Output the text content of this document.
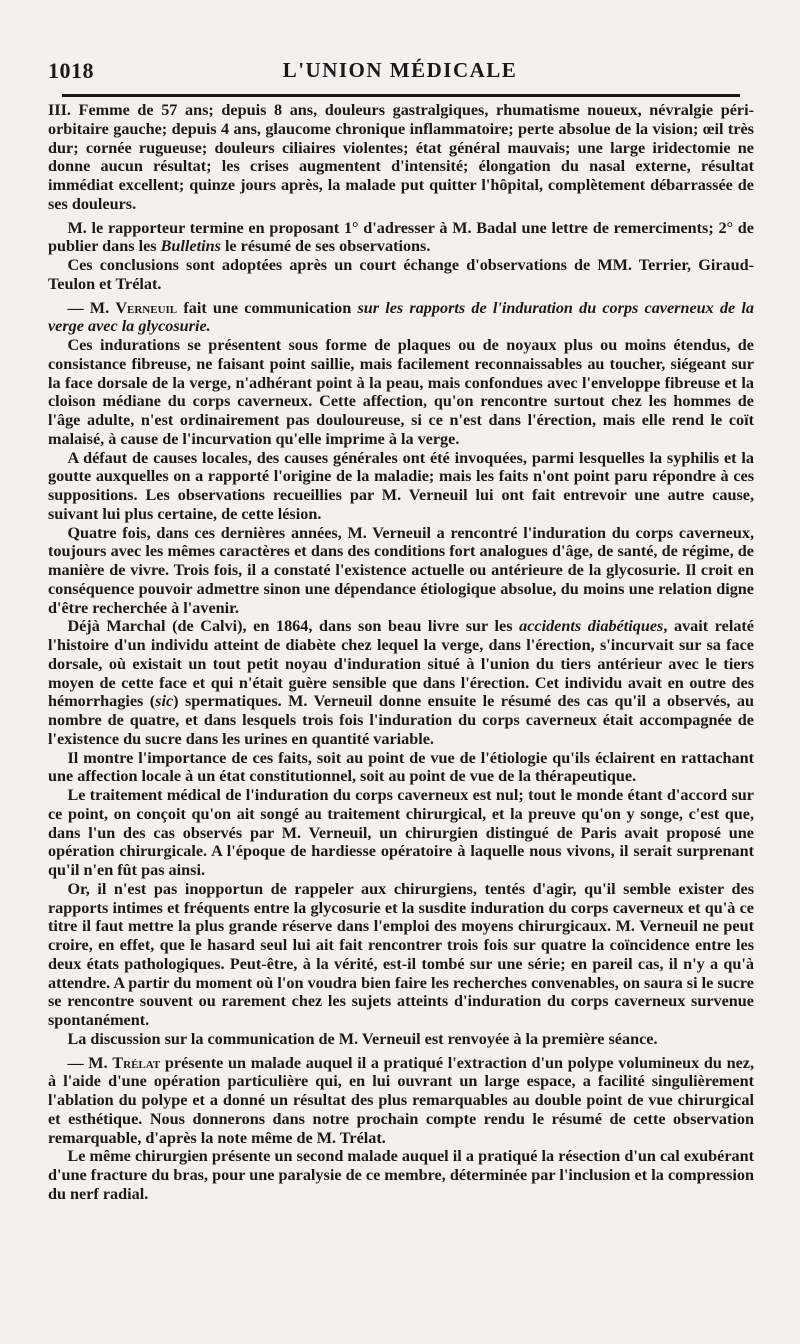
1018	L'UNION MÉDICALE

III. Femme de 57 ans; depuis 8 ans, douleurs gastralgiques, rhumatisme noueux, névralgie péri-orbitaire gauche; depuis 4 ans, glaucome chronique inflammatoire; perte absolue de la vision; œil très dur; cornée rugueuse; douleurs ciliaires violentes; état général mauvais; une large iridectomie ne donne aucun résultat; les crises augmentent d'intensité; élongation du nasal externe, résultat immédiat excellent; quinze jours après, la malade put quitter l'hôpital, complètement débarrassée de ses douleurs.

M. le rapporteur termine en proposant 1° d'adresser à M. Badal une lettre de remerciments; 2° de publier dans les Bulletins le résumé de ses observations.

Ces conclusions sont adoptées après un court échange d'observations de MM. Terrier, Giraud-Teulon et Trélat.

— M. Verneuil fait une communication sur les rapports de l'induration du corps caverneux de la verge avec la glycosurie.

Ces indurations se présentent sous forme de plaques ou de noyaux plus ou moins étendus, de consistance fibreuse, ne faisant point saillie, mais facilement reconnaissables au toucher, siégeant sur la face dorsale de la verge, n'adhérant point à la peau, mais confondues avec l'enveloppe fibreuse et la cloison médiane du corps caverneux. Cette affection, qu'on rencontre surtout chez les hommes de l'âge adulte, n'est ordinairement pas douloureuse, si ce n'est dans l'érection, mais elle rend le coït malaisé, à cause de l'incurvation qu'elle imprime à la verge.

A défaut de causes locales, des causes générales ont été invoquées, parmi lesquelles la syphilis et la goutte auxquelles on a rapporté l'origine de la maladie; mais les faits n'ont point paru répondre à ces suppositions. Les observations recueillies par M. Verneuil lui ont fait entrevoir une autre cause, suivant lui plus certaine, de cette lésion.

Quatre fois, dans ces dernières années, M. Verneuil a rencontré l'induration du corps caverneux, toujours avec les mêmes caractères et dans des conditions fort analogues d'âge, de santé, de régime, de manière de vivre. Trois fois, il a constaté l'existence actuelle ou antérieure de la glycosurie. Il croit en conséquence pouvoir admettre sinon une dépendance étiologique absolue, du moins une relation digne d'être recherchée à l'avenir.

Déjà Marchal (de Calvi), en 1864, dans son beau livre sur les accidents diabétiques, avait relaté l'histoire d'un individu atteint de diabète chez lequel la verge, dans l'érection, s'incurvait sur sa face dorsale, où existait un tout petit noyau d'induration situé à l'union du tiers antérieur avec le tiers moyen de cette face et qui n'était guère sensible que dans l'érection. Cet individu avait en outre des hémorrhagies (sic) spermatiques. M. Verneuil donne ensuite le résumé des cas qu'il a observés, au nombre de quatre, et dans lesquels trois fois l'induration du corps caverneux était accompagnée de l'existence du sucre dans les urines en quantité variable.

Il montre l'importance de ces faits, soit au point de vue de l'étiologie qu'ils éclairent en rattachant une affection locale à un état constitutionnel, soit au point de vue de la thérapeutique.

Le traitement médical de l'induration du corps caverneux est nul; tout le monde étant d'accord sur ce point, on conçoit qu'on ait songé au traitement chirurgical, et la preuve qu'on y songe, c'est que, dans l'un des cas observés par M. Verneuil, un chirurgien distingué de Paris avait proposé une opération chirurgicale. A l'époque de hardiesse opératoire à laquelle nous vivons, il serait surprenant qu'il n'en fût pas ainsi.

Or, il n'est pas inopportun de rappeler aux chirurgiens, tentés d'agir, qu'il semble exister des rapports intimes et fréquents entre la glycosurie et la susdite induration du corps caverneux et qu'à ce titre il faut mettre la plus grande réserve dans l'emploi des moyens chirurgicaux. M. Verneuil ne peut croire, en effet, que le hasard seul lui ait fait rencontrer trois fois sur quatre la coïncidence entre les deux états pathologiques. Peut-être, à la vérité, est-il tombé sur une série; en pareil cas, il n'y a qu'à attendre. A partir du moment où l'on voudra bien faire les recherches convenables, on saura si le sucre se rencontre souvent ou rarement chez les sujets atteints d'induration du corps caverneux survenue spontanément.

La discussion sur la communication de M. Verneuil est renvoyée à la première séance.

— M. Trélat présente un malade auquel il a pratiqué l'extraction d'un polype volumineux du nez, à l'aide d'une opération particulière qui, en lui ouvrant un large espace, a facilité singulièrement l'ablation du polype et a donné un résultat des plus remarquables au double point de vue chirurgical et esthétique. Nous donnerons dans notre prochain compte rendu le résumé de cette observation remarquable, d'après la note même de M. Trélat.

Le même chirurgien présente un second malade auquel il a pratiqué la résection d'un cal exubérant d'une fracture du bras, pour une paralysie de ce membre, déterminée par l'inclusion et la compression du nerf radial.
